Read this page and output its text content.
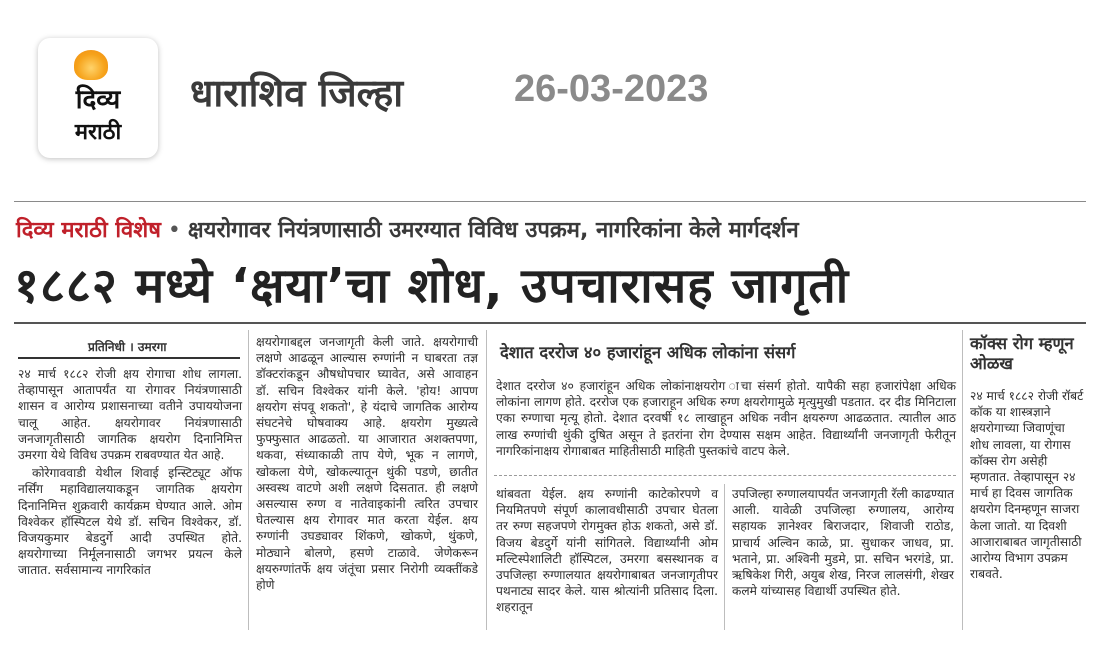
दिव्य
मराठी
धाराशिव जिल्हा	26-03-2023
दिव्य मराठी विशेष • क्षयरोगावर नियंत्रणासाठी उमरग्यात विविध उपक्रम, नागरिकांना केले मार्गदर्शन
१८८२ मध्ये ‘क्षया’चा शोध, उपचारासह जागृती
प्रतिनिधी । उमरगा

२४ मार्च १८८२ रोजी क्षय रोगाचा शोध लागला. तेव्हापासून आतापर्यंत या रोगावर नियंत्रणासाठी शासन व आरोग्य प्रशासनाच्या वतीने उपाययोजना चालू आहेत. क्षयरोगावर नियंत्रणासाठी जनजागृतीसाठी जागतिक क्षयरोग दिनानिमित्त उमरगा येथे विविध उपक्रम राबवण्यात येत आहे.

कोरेगाववाडी येथील शिवाई इन्स्टिट्यूट ऑफ नर्सिंग महाविद्यालयाकडून जागतिक क्षयरोग दिनानिमित्त शुक्रवारी कार्यक्रम घेण्यात आले. ओम विश्वेकर हॉस्पिटल येथे डॉ. सचिन विश्वेकर, डॉ. विजयकुमार बेडदुर्गे आदी उपस्थित होते. क्षयरोगाच्या निर्मूलनासाठी जगभर प्रयत्न केले जातात. सर्वसामान्य नागरिकांत

क्षयरोगाबद्दल जनजागृती केली जाते. क्षयरोगाची लक्षणे आढळून आल्यास रुग्णांनी न घाबरता तज्ञ डॉक्टरांकडून औषधोपचार घ्यावेत, असे आवाहन डॉ. सचिन विश्वेकर यांनी केले. 'होय! आपण क्षयरोग संपवू शकतो', हे यंदाचे जागतिक आरोग्य संघटनेचे घोषवाक्य आहे. क्षयरोग मुख्यत्वे फुफ्फुसात आढळतो. या आजारात अशक्तपणा, थकवा, संध्याकाळी ताप येणे, भूक न लागणे, खोकला येणे, खोकल्यातून थुंकी पडणे, छातीत अस्वस्थ वाटणे अशी लक्षणे दिसतात. ही लक्षणे असल्यास रुग्ण व नातेवाइकांनी त्वरित उपचार घेतल्यास क्षय रोगावर मात करता येईल. क्षय रुग्णांनी उघड्यावर शिंकणे, खोकणे, थुंकणे, मोठ्याने बोलणे, हसणे टाळावे. जेणेकरून क्षयरुग्णांतर्फे क्षय जंतूंचा प्रसार निरोगी व्यक्तींकडे होणे

देशात दररोज ४० हजारांहून अधिक लोकांना संसर्ग

देशात दररोज ४० हजारांहून अधिक लोकांनाक्षयरोग ाचा संसर्ग होतो. यापैकी सहा हजारांपेक्षा अधिक लोकांना लागण होते. दररोज एक हजाराहून अधिक रुग्ण क्षयरोगामुळे मृत्युमुखी पडतात. दर दीड मिनिटाला एका रुग्णाचा मृत्यू होतो. देशात दरवर्षी १८ लाखाहून अधिक नवीन क्षयरुग्ण आढळतात. त्यातील आठ लाख रुग्णांची थुंकी दुषित असून ते इतरांना रोग देण्यास सक्षम आहेत. विद्यार्थ्यांनी जनजागृती फेरीतून नागरिकांनाक्षय रोगाबाबत माहितीसाठी माहिती पुस्तकांचे वाटप केले.

थांबवता येईल. क्षय रुग्णांनी काटेकोरपणे व नियमितपणे संपूर्ण कालावधीसाठी उपचार घेतला तर रुग्ण सहजपणे रोगमुक्त होऊ शकतो, असे डॉ. विजय बेडदुर्गे यांनी सांगितले. विद्यार्थ्यांनी ओम मल्टिस्पेशालिटी हॉस्पिटल, उमरगा बसस्थानक व उपजिल्हा रुग्णालयात क्षयरोगाबाबत जनजागृतीपर पथनाट्य सादर केले. यास श्रोत्यांनी प्रतिसाद दिला. शहरातून

उपजिल्हा रुग्णालयापर्यंत जनजागृती रॅली काढण्यात आली. यावेळी उपजिल्हा रुग्णालय, आरोग्य सहायक ज्ञानेश्वर बिराजदार, शिवाजी राठोड, प्राचार्य अल्विन काळे, प्रा. सुधाकर जाधव, प्रा. भताने, प्रा. अश्विनी मुडमे, प्रा. सचिन भरगंडे, प्रा. ऋषिकेश गिरी, अयुब शेख, निरज लालसंगी, शेखर कलमे यांच्यासह विद्यार्थी उपस्थित होते.

कॉक्स रोग म्हणून ओळख

२४ मार्च १८८२ रोजी रॉबर्ट कॉक या शास्त्रज्ञाने क्षयरोगाच्या जिवाणूंचा शोध लावला, या रोगास कॉक्स रोग असेही म्हणतात. तेव्हापासून २४ मार्च हा दिवस जागतिक क्षयरोग दिनम्हणून साजरा केला जातो. या दिवशी आजाराबाबत जागृतीसाठी आरोग्य विभाग उपक्रम राबवते.
